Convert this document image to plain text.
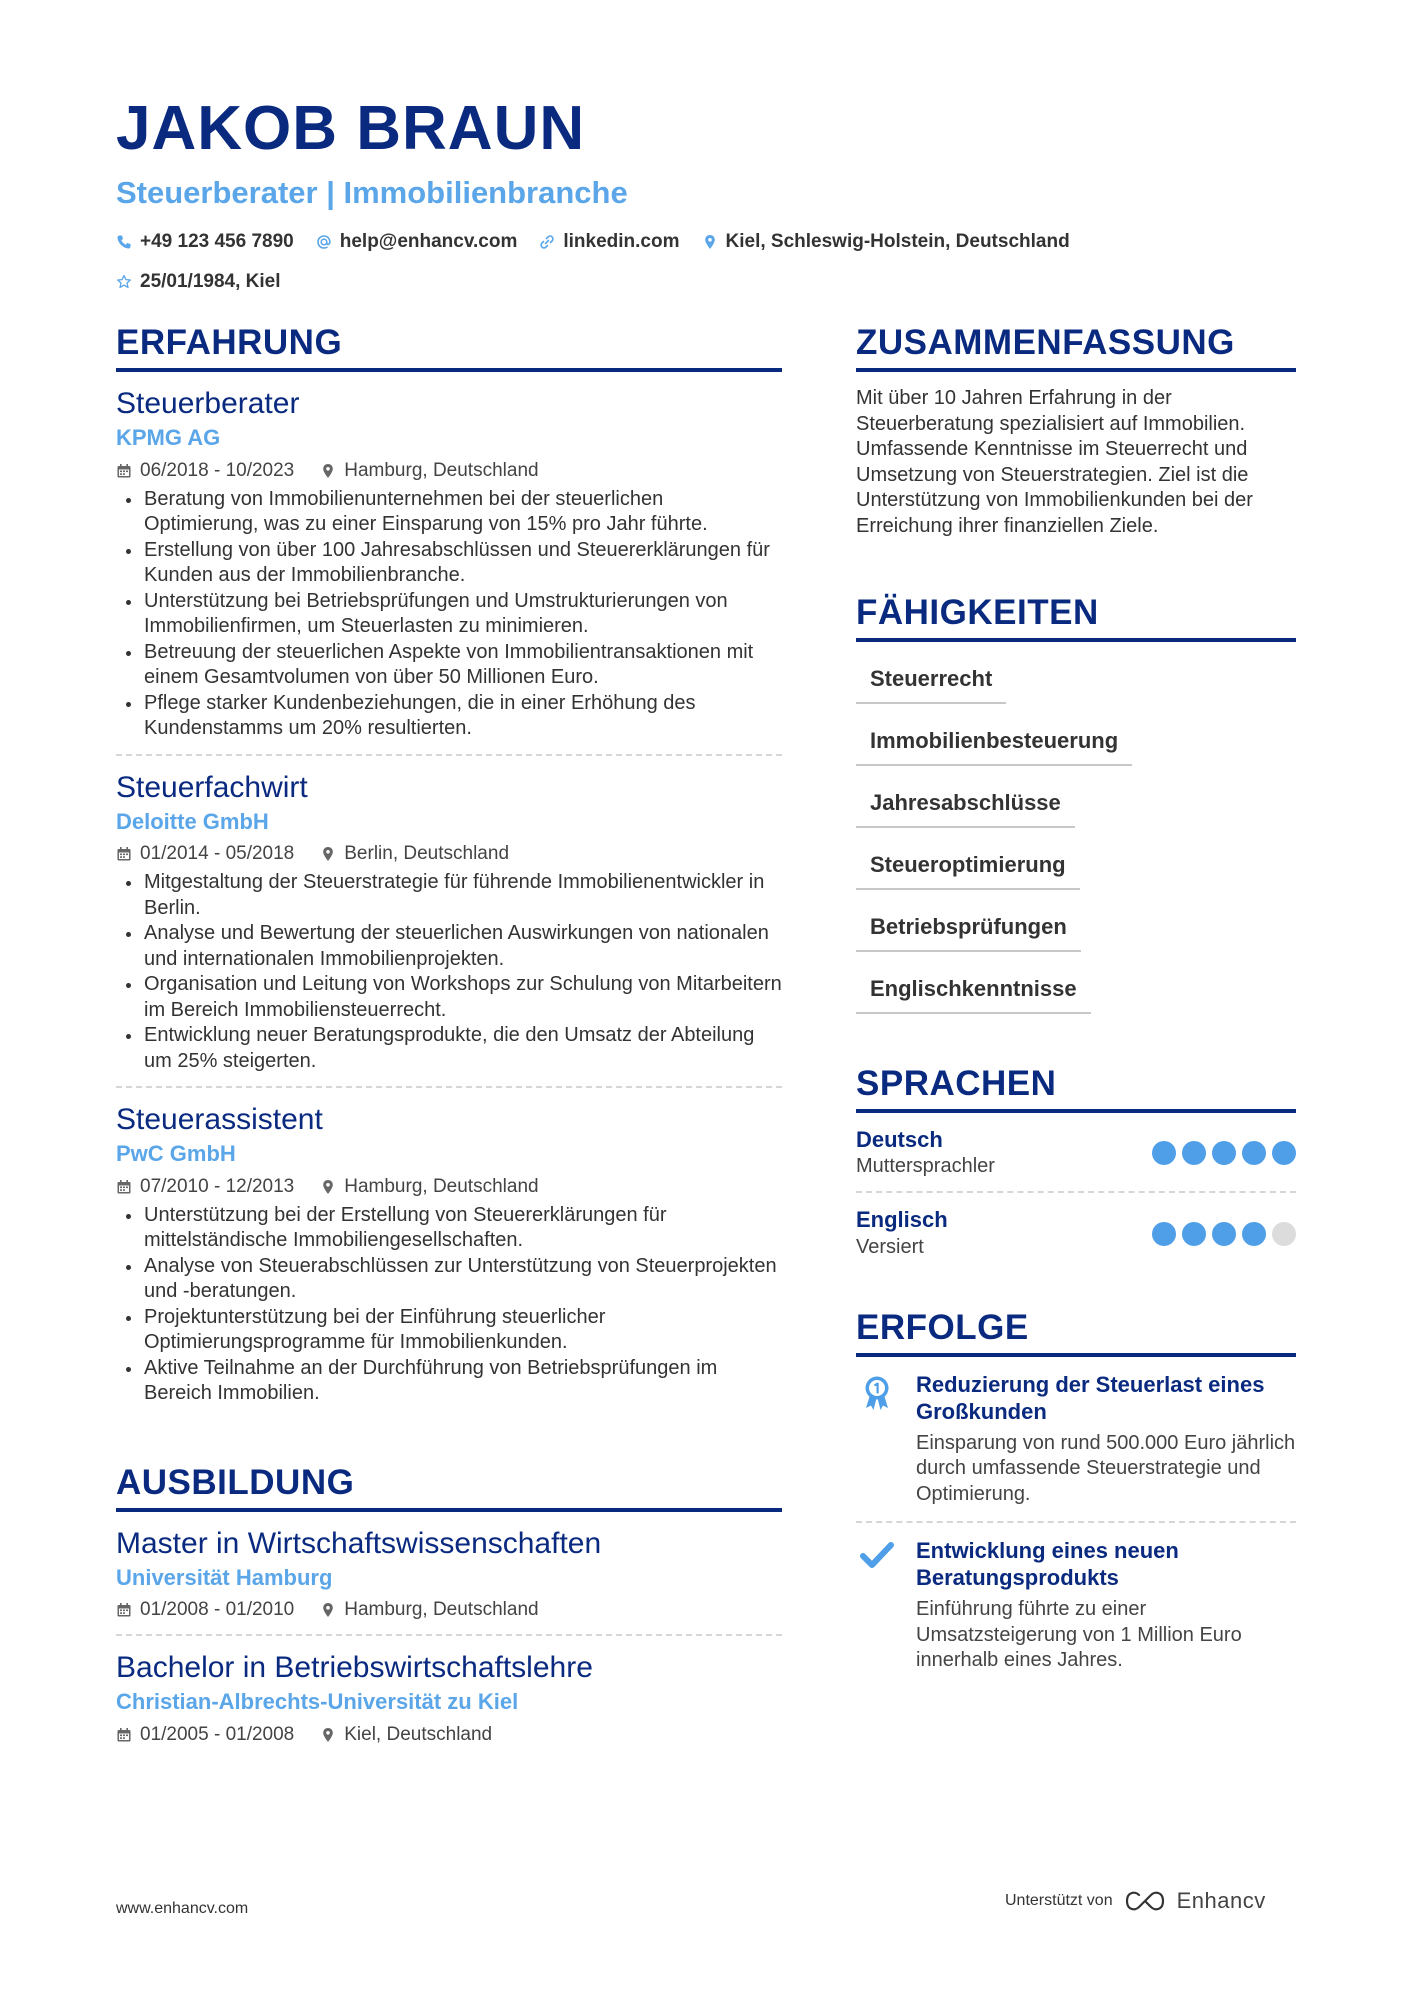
JAKOB BRAUN
Steuerberater | Immobilienbranche
+49 123 456 7890 help@enhancv.com linkedin.com Kiel, Schleswig-Holstein, Deutschland
25/01/1984, Kiel
ERFAHRUNG
Steuerberater
KPMG AG
06/2018 - 10/2023	Hamburg, Deutschland
Beratung von Immobilienunternehmen bei der steuerlichen Optimierung, was zu einer Einsparung von 15% pro Jahr führte.
Erstellung von über 100 Jahresabschlüssen und Steuererklärungen für Kunden aus der Immobilienbranche.
Unterstützung bei Betriebsprüfungen und Umstrukturierungen von Immobilienfirmen, um Steuerlasten zu minimieren.
Betreuung der steuerlichen Aspekte von Immobilientransaktionen mit einem Gesamtvolumen von über 50 Millionen Euro.
Pflege starker Kundenbeziehungen, die in einer Erhöhung des Kundenstamms um 20% resultierten.
Steuerfachwirt
Deloitte GmbH
01/2014 - 05/2018	Berlin, Deutschland
Mitgestaltung der Steuerstrategie für führende Immobilienentwickler in Berlin.
Analyse und Bewertung der steuerlichen Auswirkungen von nationalen und internationalen Immobilienprojekten.
Organisation und Leitung von Workshops zur Schulung von Mitarbeitern im Bereich Immobiliensteuerrecht.
Entwicklung neuer Beratungsprodukte, die den Umsatz der Abteilung um 25% steigerten.
Steuerassistent
PwC GmbH
07/2010 - 12/2013	Hamburg, Deutschland
Unterstützung bei der Erstellung von Steuererklärungen für mittelständische Immobiliengesellschaften.
Analyse von Steuerabschlüssen zur Unterstützung von Steuerprojekten und -beratungen.
Projektunterstützung bei der Einführung steuerlicher Optimierungsprogramme für Immobilienkunden.
Aktive Teilnahme an der Durchführung von Betriebsprüfungen im Bereich Immobilien.
AUSBILDUNG
Master in Wirtschaftswissenschaften
Universität Hamburg
01/2008 - 01/2010	Hamburg, Deutschland
Bachelor in Betriebswirtschaftslehre
Christian-Albrechts-Universität zu Kiel
01/2005 - 01/2008	Kiel, Deutschland
ZUSAMMENFASSUNG

Mit über 10 Jahren Erfahrung in der Steuerberatung spezialisiert auf Immobilien. Umfassende Kenntnisse im Steuerrecht und Umsetzung von Steuerstrategien. Ziel ist die Unterstützung von Immobilienkunden bei der Erreichung ihrer finanziellen Ziele.

FÄHIGKEITEN
Steuerrecht
Immobilienbesteuerung
Jahresabschlüsse
Steueroptimierung
Betriebsprüfungen
Englischkenntnisse
SPRACHEN
Deutsch
Muttersprachler
Englisch
Versiert
ERFOLGE
Reduzierung der Steuerlast eines Großkunden
Einsparung von rund 500.000 Euro jährlich durch umfassende Steuerstrategie und Optimierung.
Entwicklung eines neuen Beratungsprodukts
Einführung führte zu einer Umsatzsteigerung von 1 Million Euro innerhalb eines Jahres.
www.enhancv.com	Unterstützt von	Enhancv
